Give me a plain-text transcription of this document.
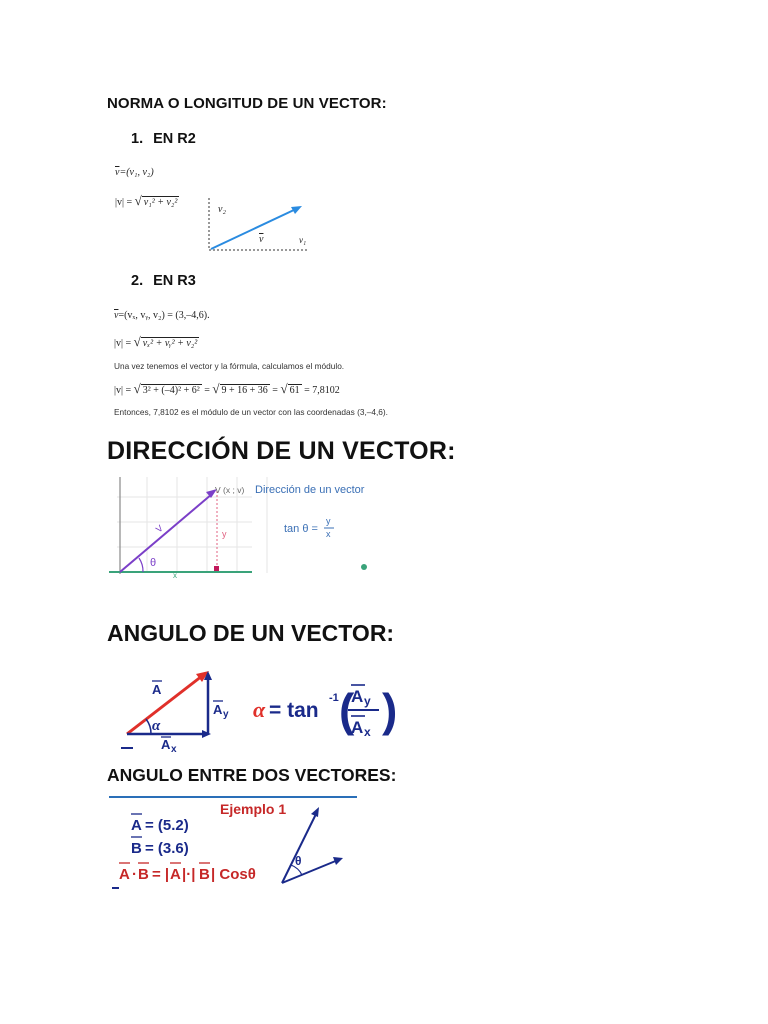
NORMA O LONGITUD DE UN VECTOR:
1. EN R2
$\overline{v}=(v_1$, v₂)
|v| = √ v₁² + v₂²
v₂
v	v₁
2. EN R3
$\overline{v}=(v_x$, vᵧ, v₂) = (3,–4,6).
|v| = √ vₓ² + vᵧ² + v₂²
Una vez tenemos el vector y la fórmula, calculamos el módulo.
|v| = √ 3² + (–4)² + 6² = √ 9 + 16 + 36 = √ 61 = 7,8102
Entonces, 7,8102 es el módulo de un vector con las coordenadas (3,–4,6).
DIRECCIÓN DE UN VECTOR:
V (x ; v) Dirección de un vector
V	y
θ
x
tan θ =
y
x
ANGULO DE UN VECTOR:
A
A y
α
A x
α = tan
-1 ( )
A y
A x
ANGULO ENTRE DOS VECTORES:
Ejemplo 1
A = (5.2)
B = (3.6)
A · B = | A |·| B | Cosθ
θ
